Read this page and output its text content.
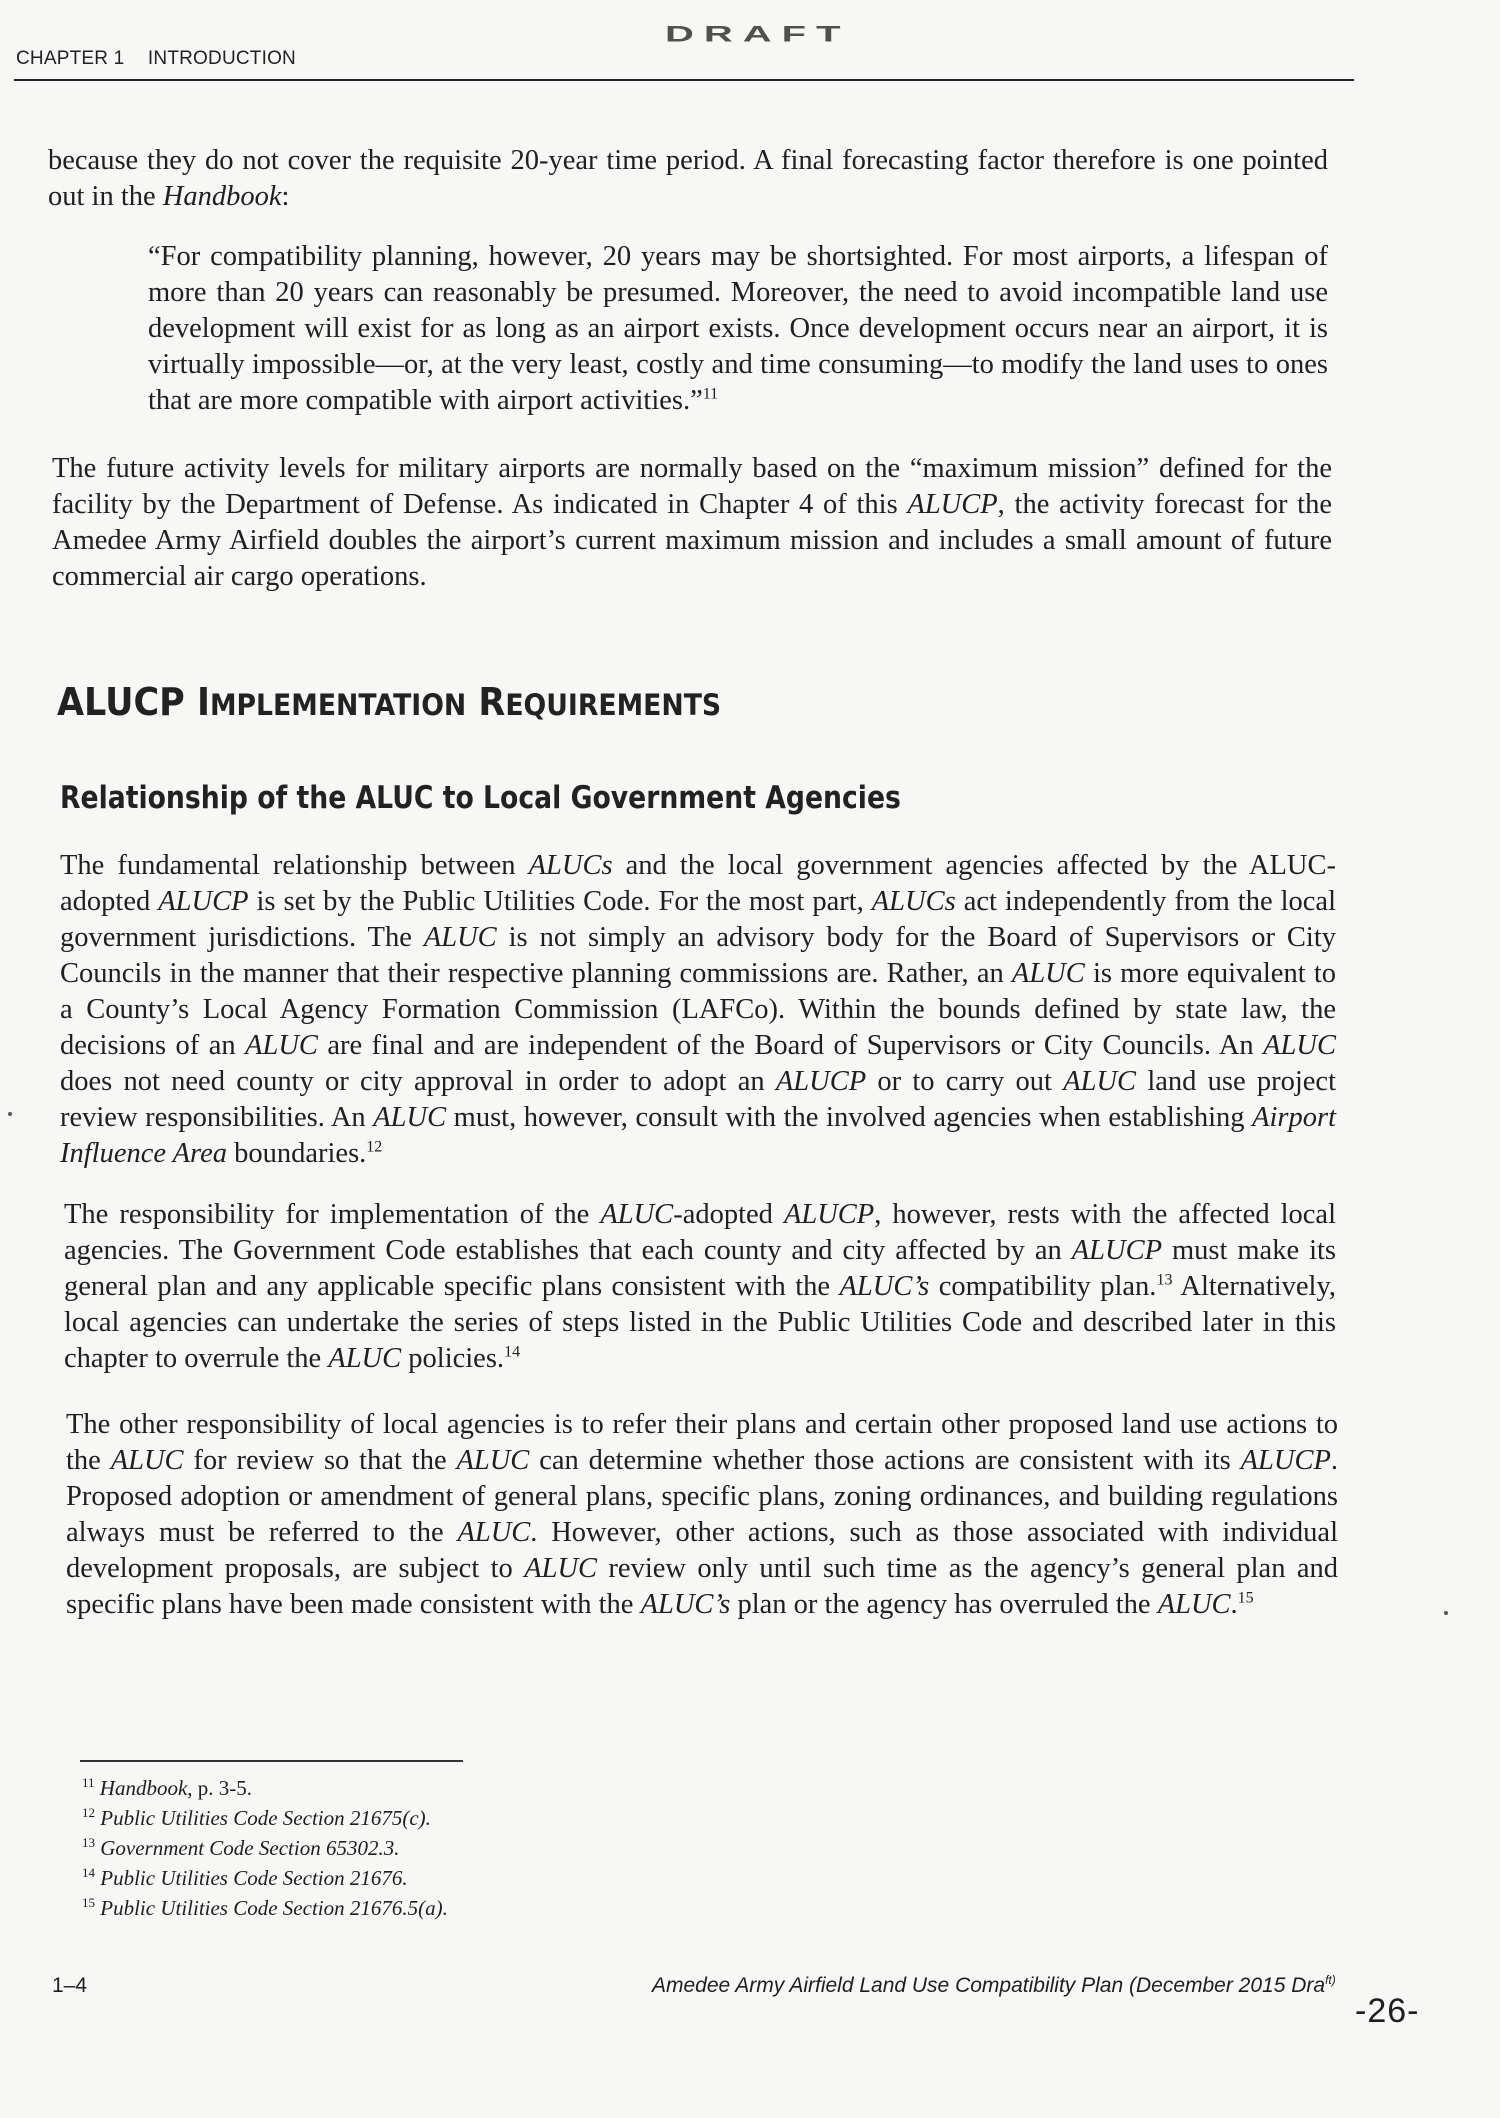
CHAPTER 1 INTRODUCTION
DRAFT

because they do not cover the requisite 20-year time period. A final forecasting factor therefore is one pointed out in the Handbook:

“For compatibility planning, however, 20 years may be shortsighted. For most airports, a lifespan of more than 20 years can reasonably be presumed. Moreover, the need to avoid incompatible land use development will exist for as long as an airport exists. Once development occurs near an airport, it is virtually impossible—or, at the very least, costly and time consuming—to modify the land uses to ones that are more compatible with airport activities.”$^{11}$

The future activity levels for military airports are normally based on the “maximum mission” defined for the facility by the Department of Defense. As indicated in Chapter 4 of this ALUCP, the activity forecast for the Amedee Army Airfield doubles the airport’s current maximum mission and includes a small amount of future commercial air cargo operations.

ALUCP IMPLEMENTATION REQUIREMENTS
Relationship of the ALUC to Local Government Agencies

The fundamental relationship between ALUCs and the local government agencies affected by the ALUC-adopted ALUCP is set by the Public Utilities Code. For the most part, ALUCs act independently from the local government jurisdictions. The ALUC is not simply an advisory body for the Board of Supervisors or City Councils in the manner that their respective planning commissions are. Rather, an ALUC is more equivalent to a County’s Local Agency Formation Commission (LAFCo). Within the bounds defined by state law, the decisions of an ALUC are final and are independent of the Board of Supervisors or City Councils. An ALUC does not need county or city approval in order to adopt an ALUCP or to carry out ALUC land use project review responsibilities. An ALUC must, however, consult with the involved agencies when establishing Airport Influence Area boundaries.$^{12}$

The responsibility for implementation of the ALUC-adopted ALUCP, however, rests with the affected local agencies. The Government Code establishes that each county and city affected by an ALUCP must make its general plan and any applicable specific plans consistent with the ALUC’s compatibility plan.$^{13}$ Alternatively, local agencies can undertake the series of steps listed in the Public Utilities Code and described later in this chapter to overrule the ALUC policies.$^{14}$

The other responsibility of local agencies is to refer their plans and certain other proposed land use actions to the ALUC for review so that the ALUC can determine whether those actions are consistent with its ALUCP. Proposed adoption or amendment of general plans, specific plans, zoning ordinances, and building regulations always must be referred to the ALUC. However, other actions, such as those associated with individual development proposals, are subject to ALUC review only until such time as the agency’s general plan and specific plans have been made consistent with the ALUC’s plan or the agency has overruled the ALUC.$^{15}$

$^{11}$ Handbook, p. 3-5.
$^{12}$ Public Utilities Code Section 21675(c).
$^{13}$ Government Code Section 65302.3.
$^{14}$ Public Utilities Code Section 21676.
$^{15}$ Public Utilities Code Section 21676.5(a).
1–4	Amedee Army Airfield Land Use Compatibility Plan (December 2015 Dra$^{ft)}$
-26-
